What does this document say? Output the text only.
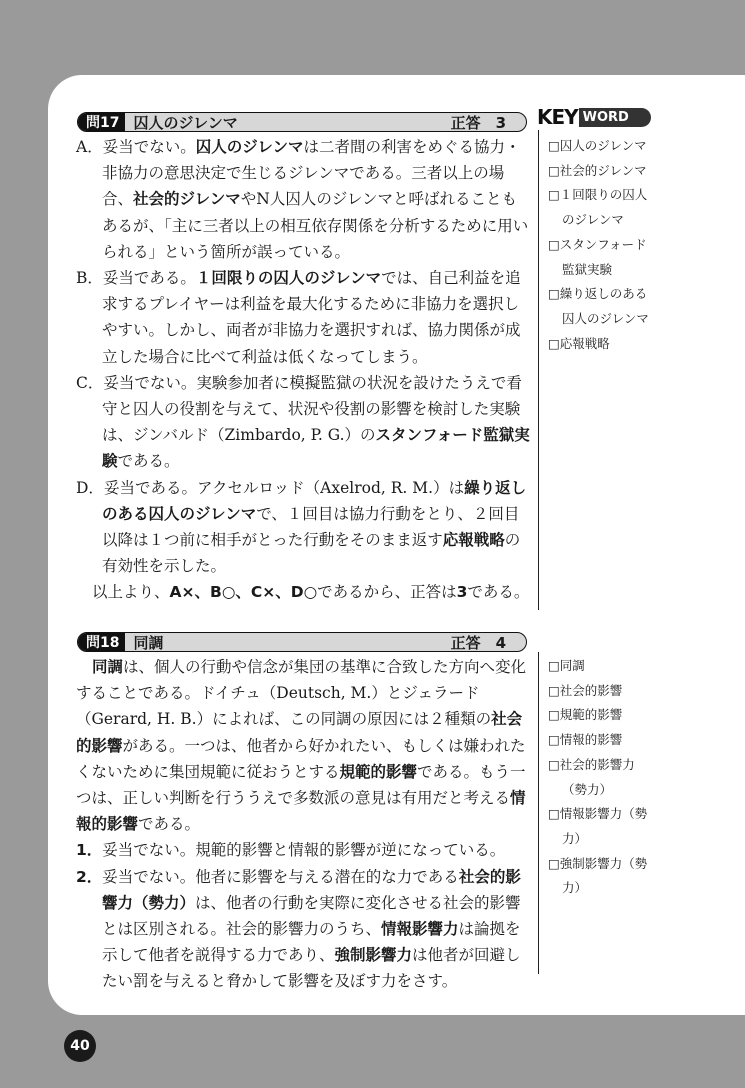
問17 囚人のジレンマ	正答　3 KEY WORD

A．妥当でない。囚人のジレンマは二者間の利害をめぐる協力・非協力の意思決定で生じるジレンマである。三者以上の場合、社会的ジレンマやN人囚人のジレンマと呼ばれることもあるが、「主に三者以上の相互依存関係を分析するために用いられる」という箇所が誤っている。

B．妥当である。１回限りの囚人のジレンマでは、自己利益を追求するプレイヤーは利益を最大化するために非協力を選択しやすい。しかし、両者が非協力を選択すれば、協力関係が成立した場合に比べて利益は低くなってしまう。

C．妥当でない。実験参加者に模擬監獄の状況を設けたうえで看守と囚人の役割を与えて、状況や役割の影響を検討した実験は、ジンバルド（Zimbardo, P. G.）のスタンフォード監獄実験である。

D．妥当である。アクセルロッド（Axelrod, R. M.）は繰り返しのある囚人のジレンマで、１回目は協力行動をとり、２回目以降は１つ前に相手がとった行動をそのまま返す応報戦略の有効性を示した。

以上より、A×、B○、C×、D○であるから、正答は3である。

□囚人のジレンマ
□社会的ジレンマ
□１回限りの囚人のジレンマ
□スタンフォード監獄実験
□繰り返しのある囚人のジレンマ
□応報戦略
問18 同調	正答　4

同調は、個人の行動や信念が集団の基準に合致した方向へ変化することである。ドイチュ（Deutsch, M.）とジェラード（Gerard, H. B.）によれば、この同調の原因には２種類の社会的影響がある。一つは、他者から好かれたい、もしくは嫌われたくないために集団規範に従おうとする規範的影響である。もう一つは、正しい判断を行ううえで多数派の意見は有用だと考える情報的影響である。

1．妥当でない。規範的影響と情報的影響が逆になっている。

2．妥当でない。他者に影響を与える潜在的な力である社会的影響力（勢力）は、他者の行動を実際に変化させる社会的影響とは区別される。社会的影響力のうち、情報影響力は論拠を示して他者を説得する力であり、強制影響力は他者が回避したい罰を与えると脅かして影響を及ぼす力をさす。

□同調
□社会的影響
□規範的影響
□情報的影響
□社会的影響力（勢力）
□情報影響力（勢力）
□強制影響力（勢力）
40
